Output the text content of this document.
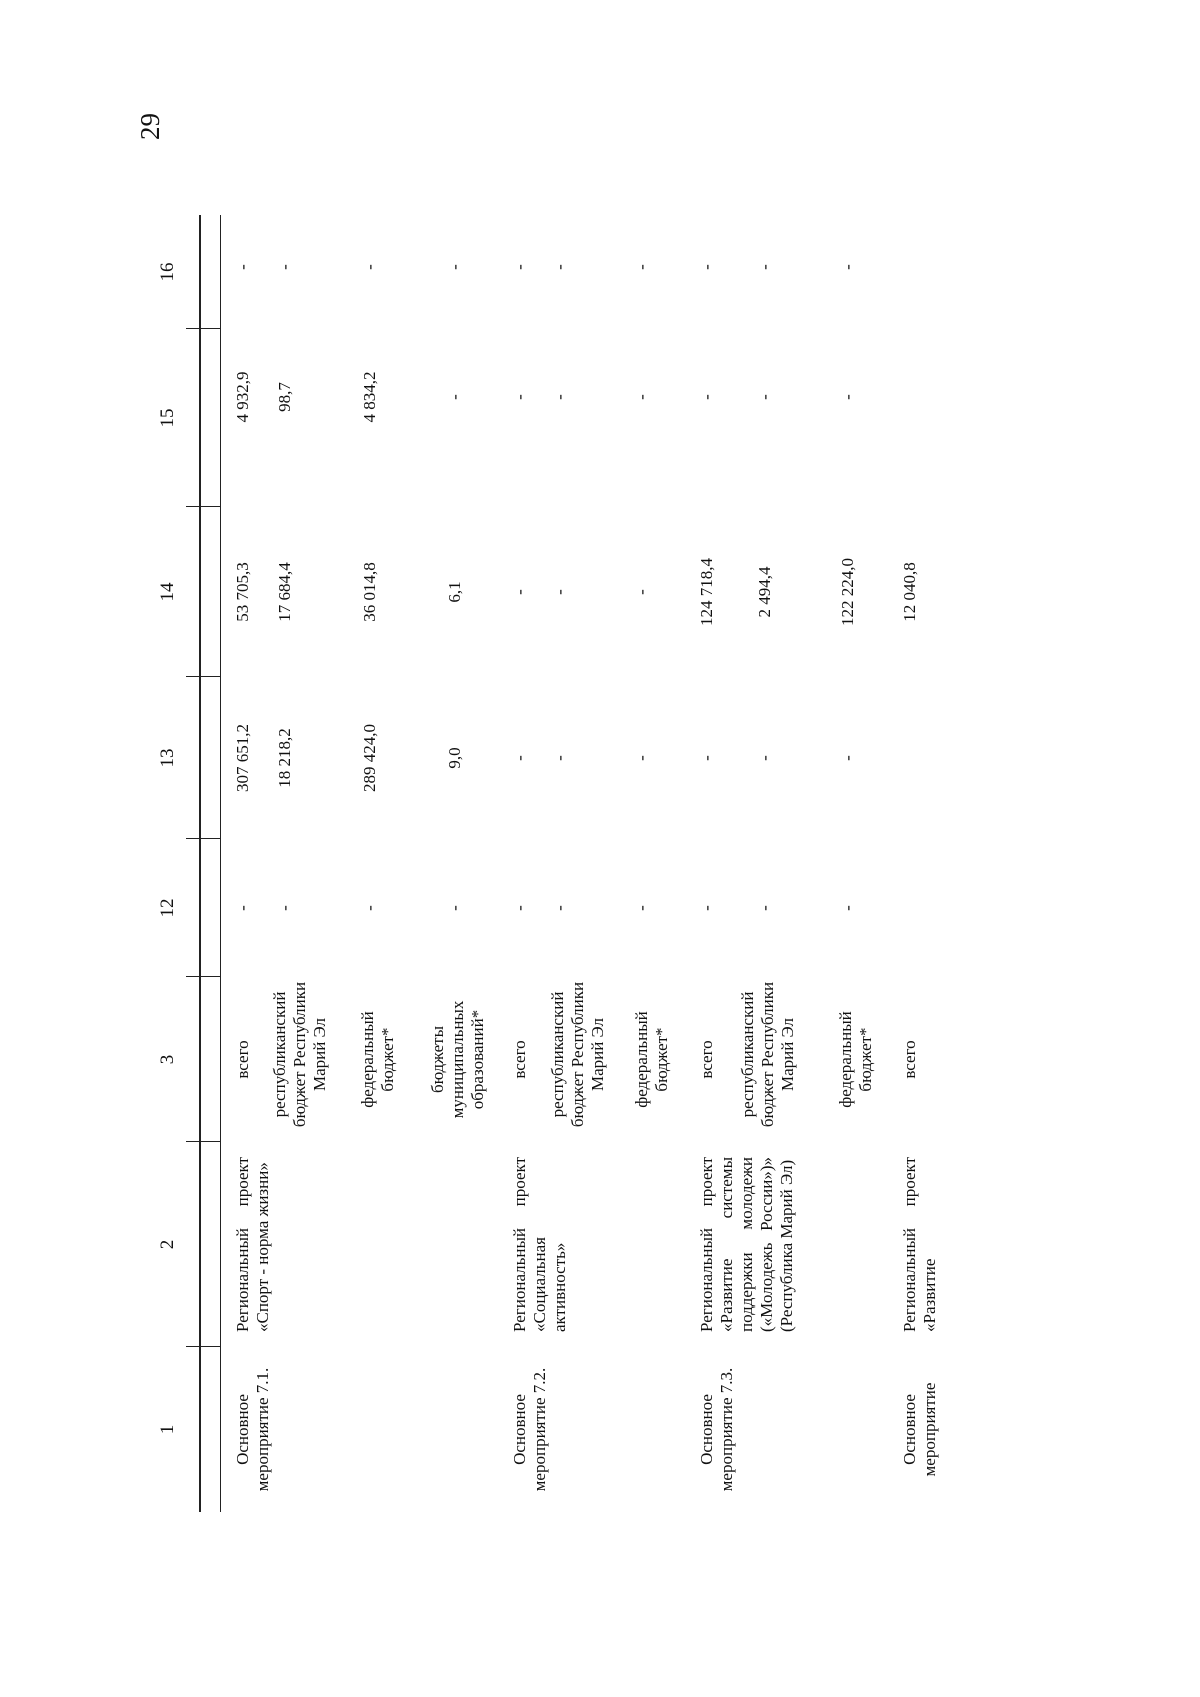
29
1
2
3
12
13
14
15
16
Основное мероприятие 7.1.
Региональный проект «Спорт - норма жизни»
всего
-
307 651,2
53 705,3
4 932,9
-
республиканский бюджет Республики Марий Эл
-
18 218,2
17 684,4
98,7
-
федеральный бюджет*
-
289 424,0
36 014,8
4 834,2
-
бюджеты муниципальных образований*
-
9,0
6,1
-
-
Основное мероприятие 7.2.
Региональный проект «Социальная активность»
всего
-
-
-
-
-
республиканский бюджет Республики Марий Эл
-
-
-
-
-
федеральный бюджет*
-
-
-
-
-
Основное мероприятие 7.3.
Региональный проект «Развитие системы поддержки молодежи («Молодежь России»)» (Республика Марий Эл)
всего
-
-
124 718,4
-
-
республиканский бюджет Республики Марий Эл
-
-
2 494,4
-
-
федеральный бюджет*
-
-
122 224,0
-
-
Основное мероприятие
Региональный проект «Развитие
всего
12 040,8
